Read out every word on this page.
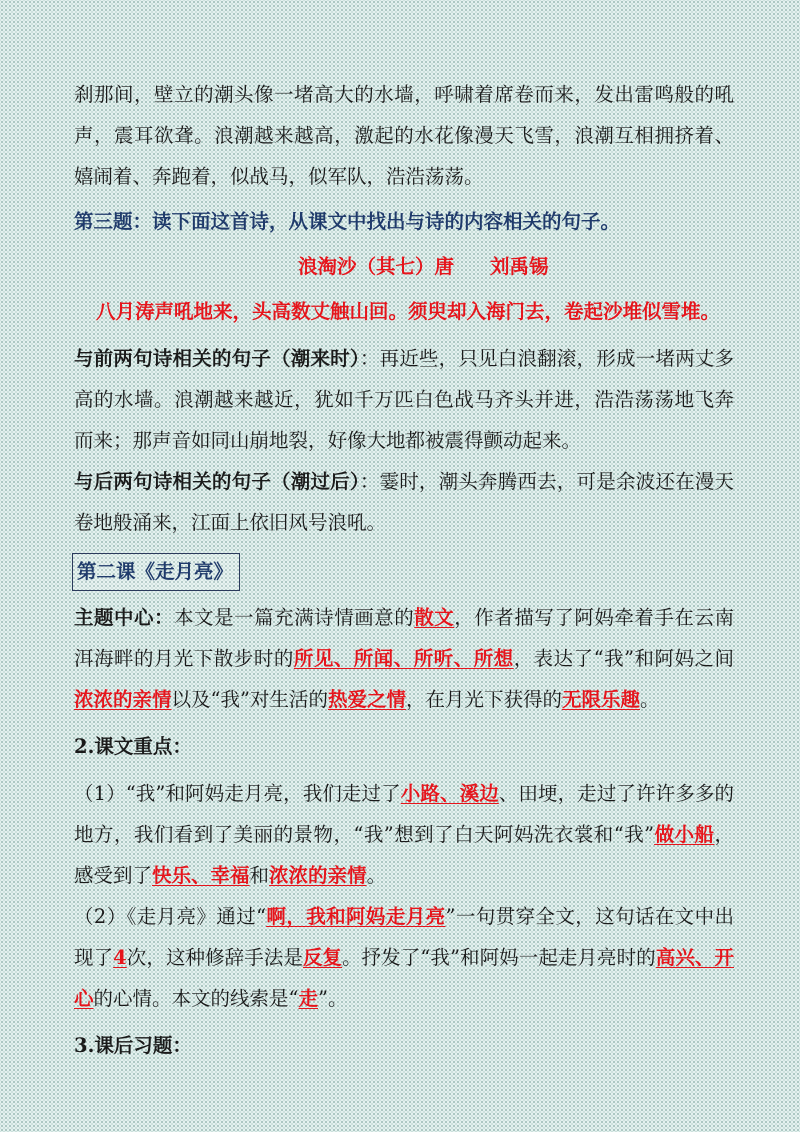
刹那间，壁立的潮头像一堵高大的水墙，呼啸着席卷而来，发出雷鸣般的吼声，震耳欲聋。浪潮越来越高，激起的水花像漫天飞雪，浪潮互相拥挤着、嬉闹着、奔跑着，似战马，似军队，浩浩荡荡。

第三题：读下面这首诗，从课文中找出与诗的内容相关的句子。

浪淘沙（其七）唐 刘禹锡

八月涛声吼地来，头高数丈触山回。须臾却入海门去，卷起沙堆似雪堆。

与前两句诗相关的句子（潮来时）：再近些，只见白浪翻滚，形成一堵两丈多高的水墙。浪潮越来越近，犹如千万匹白色战马齐头并进，浩浩荡荡地飞奔而来；那声音如同山崩地裂，好像大地都被震得颤动起来。

与后两句诗相关的句子（潮过后）：霎时，潮头奔腾西去，可是余波还在漫天卷地般涌来，江面上依旧风号浪吼。

第二课《走月亮》

主题中心：本文是一篇充满诗情画意的散文，作者描写了阿妈牵着手在云南洱海畔的月光下散步时的所见、所闻、所听、所想，表达了“我”和阿妈之间浓浓的亲情以及“我”对生活的热爱之情，在月光下获得的无限乐趣。

2.课文重点：

（1）“我”和阿妈走月亮，我们走过了小路、溪边、田埂，走过了许许多多的地方，我们看到了美丽的景物，“我”想到了白天阿妈洗衣裳和“我”做小船，感受到了快乐、幸福和浓浓的亲情。

（2）《走月亮》通过“啊，我和阿妈走月亮”一句贯穿全文，这句话在文中出现了4次，这种修辞手法是反复。抒发了“我”和阿妈一起走月亮时的高兴、开心的心情。本文的线索是“走”。

3.课后习题：
